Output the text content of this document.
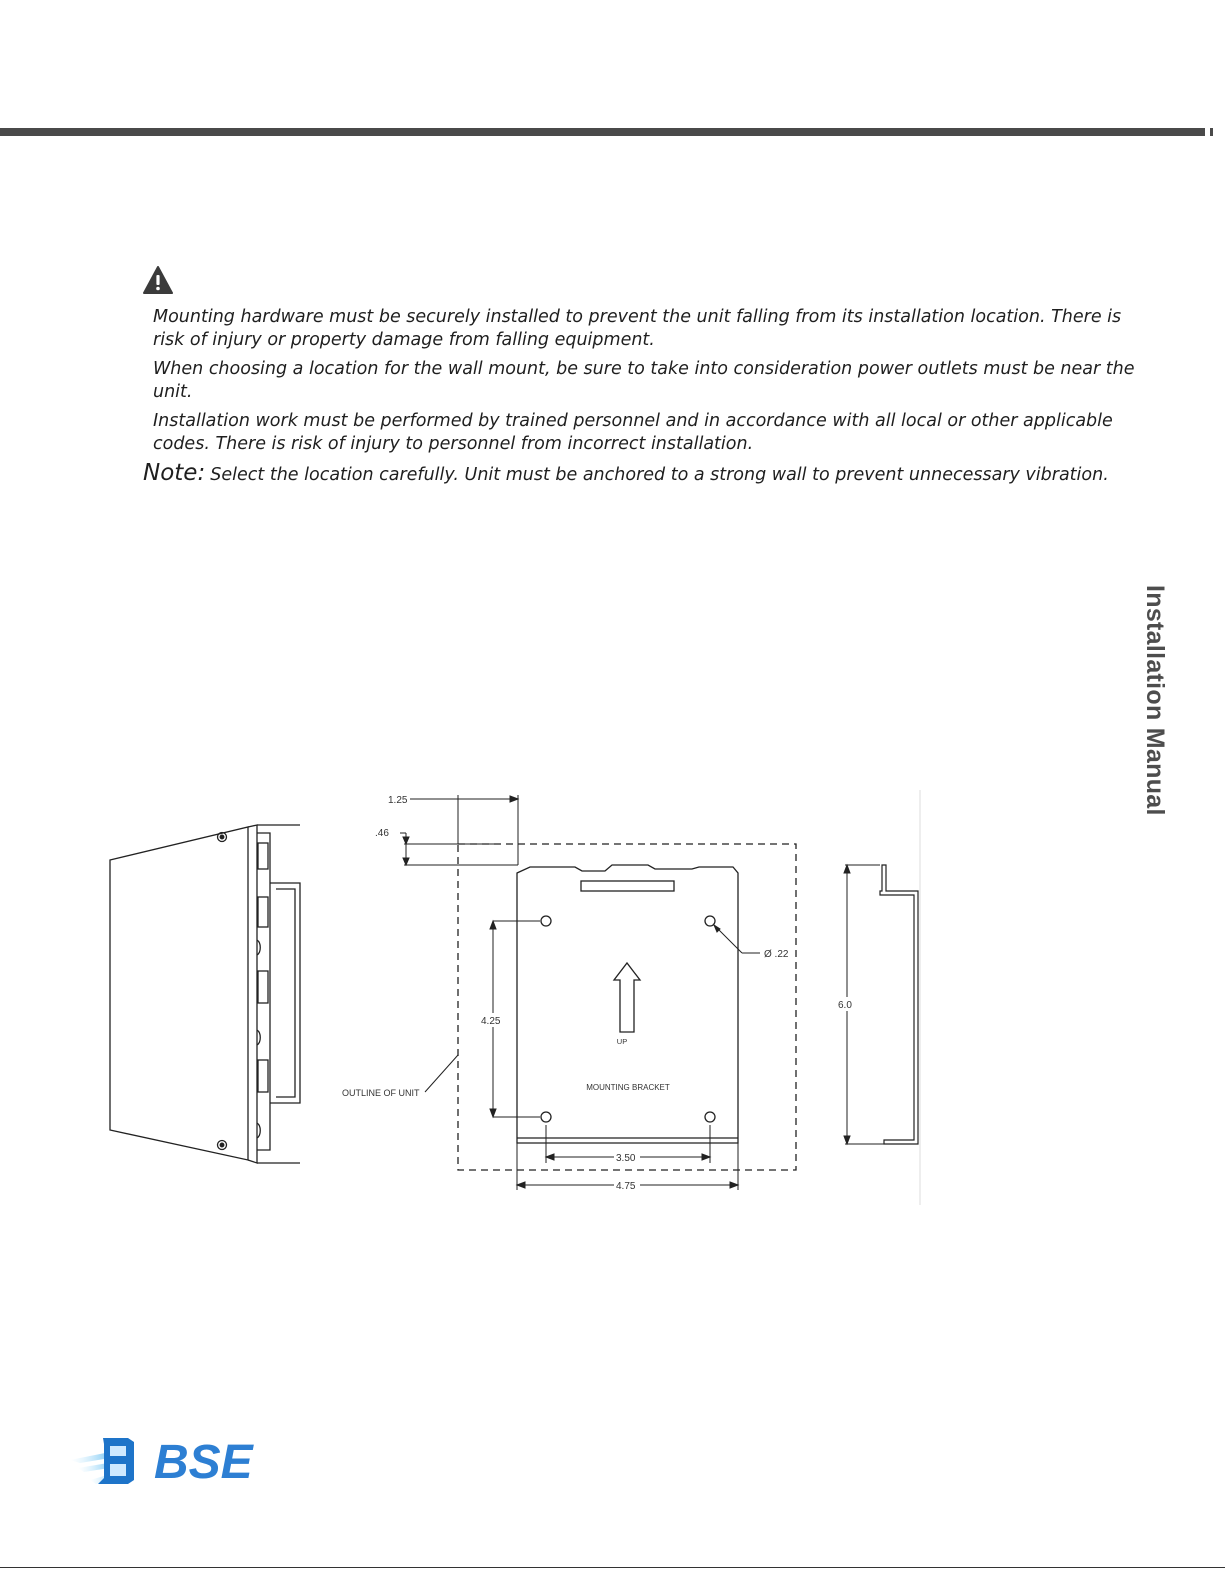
Mounting hardware must be securely installed to prevent the unit falling from its installation location. There is risk of injury or property damage from falling equipment.

When choosing a location for the wall mount, be sure to take into consideration power outlets must be near the unit.

Installation work must be performed by trained personnel and in accordance with all local or other applicable codes. There is risk of injury to personnel from incorrect installation.

Note: Select the location carefully. Unit must be anchored to a strong wall to prevent unnecessary vibration.
Installation Manual
UP
MOUNTING BRACKET
1.25
.46
4.25
Ø .22
6.0
3.50
4.75
OUTLINE OF UNIT
BSE
